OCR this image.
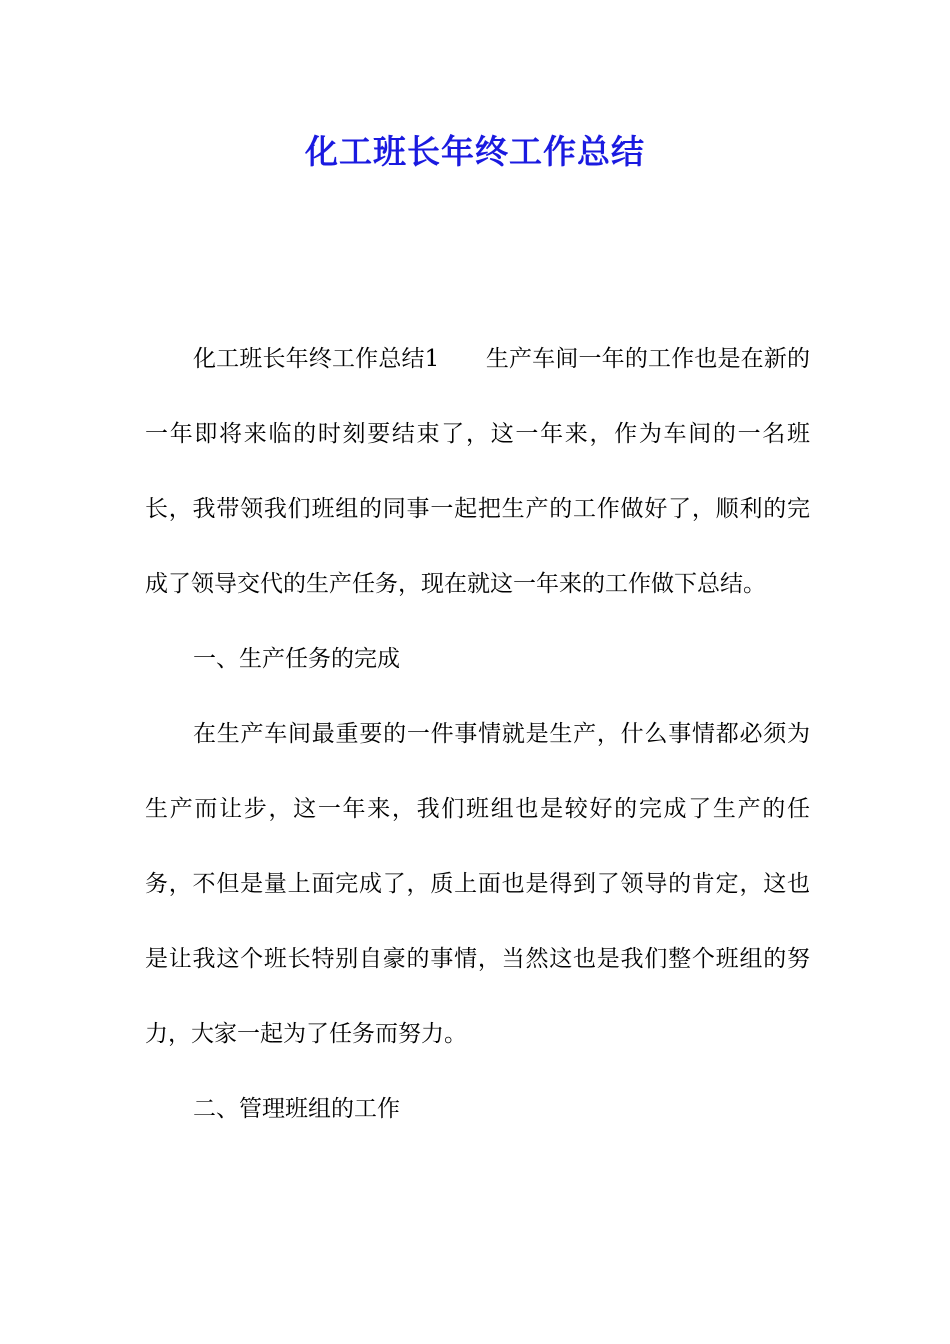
化工班长年终工作总结

化工班长年终工作总结1　　生产车间一年的工作也是在新的一年即将来临的时刻要结束了，这一年来，作为车间的一名班长，我带领我们班组的同事一起把生产的工作做好了，顺利的完成了领导交代的生产任务，现在就这一年来的工作做下总结。

一、生产任务的完成

在生产车间最重要的一件事情就是生产，什么事情都必须为生产而让步，这一年来，我们班组也是较好的完成了生产的任务，不但是量上面完成了，质上面也是得到了领导的肯定，这也是让我这个班长特别自豪的事情，当然这也是我们整个班组的努力，大家一起为了任务而努力。

二、管理班组的工作
